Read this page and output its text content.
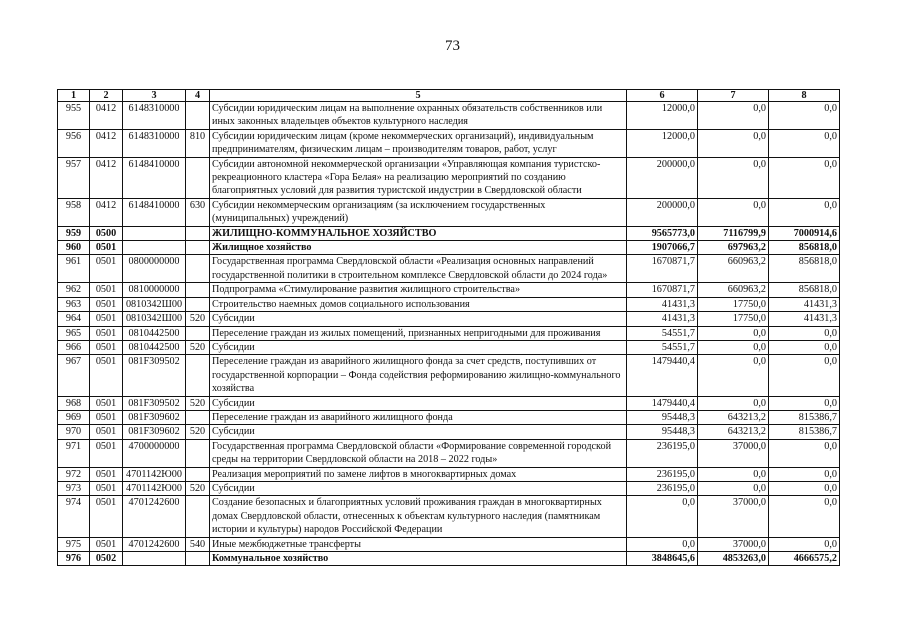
73
1	2	3	4	5	6	7	8
955	0412	6148310000		Субсидии юридическим лицам на выполнение охранных обязательств собственников или иных законных владельцев объектов культурного наследия	12000,0	0,0	0,0
956	0412	6148310000	810	Субсидии юридическим лицам (кроме некоммерческих организаций), индивидуальным предпринимателям, физическим лицам – производителям товаров, работ, услуг	12000,0	0,0	0,0
957	0412	6148410000		Субсидии автономной некоммерческой организации «Управляющая компания туристско-рекреационного кластера «Гора Белая» на реализацию мероприятий по созданию благоприятных условий для развития туристской индустрии в Свердловской области	200000,0	0,0	0,0
958	0412	6148410000	630	Субсидии некоммерческим организациям (за исключением государственных (муниципальных) учреждений)	200000,0	0,0	0,0
959	0500			ЖИЛИЩНО-КОММУНАЛЬНОЕ ХОЗЯЙСТВО	9565773,0	7116799,9	7000914,6
960	0501			Жилищное хозяйство	1907066,7	697963,2	856818,0
961	0501	0800000000		Государственная программа Свердловской области «Реализация основных направлений государственной политики в строительном комплексе Свердловской области до 2024 года»	1670871,7	660963,2	856818,0
962	0501	0810000000		Подпрограмма «Стимулирование развития жилищного строительства»	1670871,7	660963,2	856818,0
963	0501	0810342Ш00		Строительство наемных домов социального использования	41431,3	17750,0	41431,3
964	0501	0810342Ш00	520	Субсидии	41431,3	17750,0	41431,3
965	0501	0810442500		Переселение граждан из жилых помещений, признанных непригодными для проживания	54551,7	0,0	0,0
966	0501	0810442500	520	Субсидии	54551,7	0,0	0,0
967	0501	081F309502		Переселение граждан из аварийного жилищного фонда за счет средств, поступивших от государственной корпорации – Фонда содействия реформированию жилищно-коммунального хозяйства	1479440,4	0,0	0,0
968	0501	081F309502	520	Субсидии	1479440,4	0,0	0,0
969	0501	081F309602		Переселение граждан из аварийного жилищного фонда	95448,3	643213,2	815386,7
970	0501	081F309602	520	Субсидии	95448,3	643213,2	815386,7
971	0501	4700000000		Государственная программа Свердловской области «Формирование современной городской среды на территории Свердловской области на 2018 – 2022 годы»	236195,0	37000,0	0,0
972	0501	4701142Ю00		Реализация мероприятий по замене лифтов в многоквартирных домах	236195,0	0,0	0,0
973	0501	4701142Ю00	520	Субсидии	236195,0	0,0	0,0
974	0501	4701242600		Создание безопасных и благоприятных условий проживания граждан в многоквартирных домах Свердловской области, отнесенных к объектам культурного наследия (памятникам истории и культуры) народов Российской Федерации	0,0	37000,0	0,0
975	0501	4701242600	540	Иные межбюджетные трансферты	0,0	37000,0	0,0
976	0502			Коммунальное хозяйство	3848645,6	4853263,0	4666575,2
